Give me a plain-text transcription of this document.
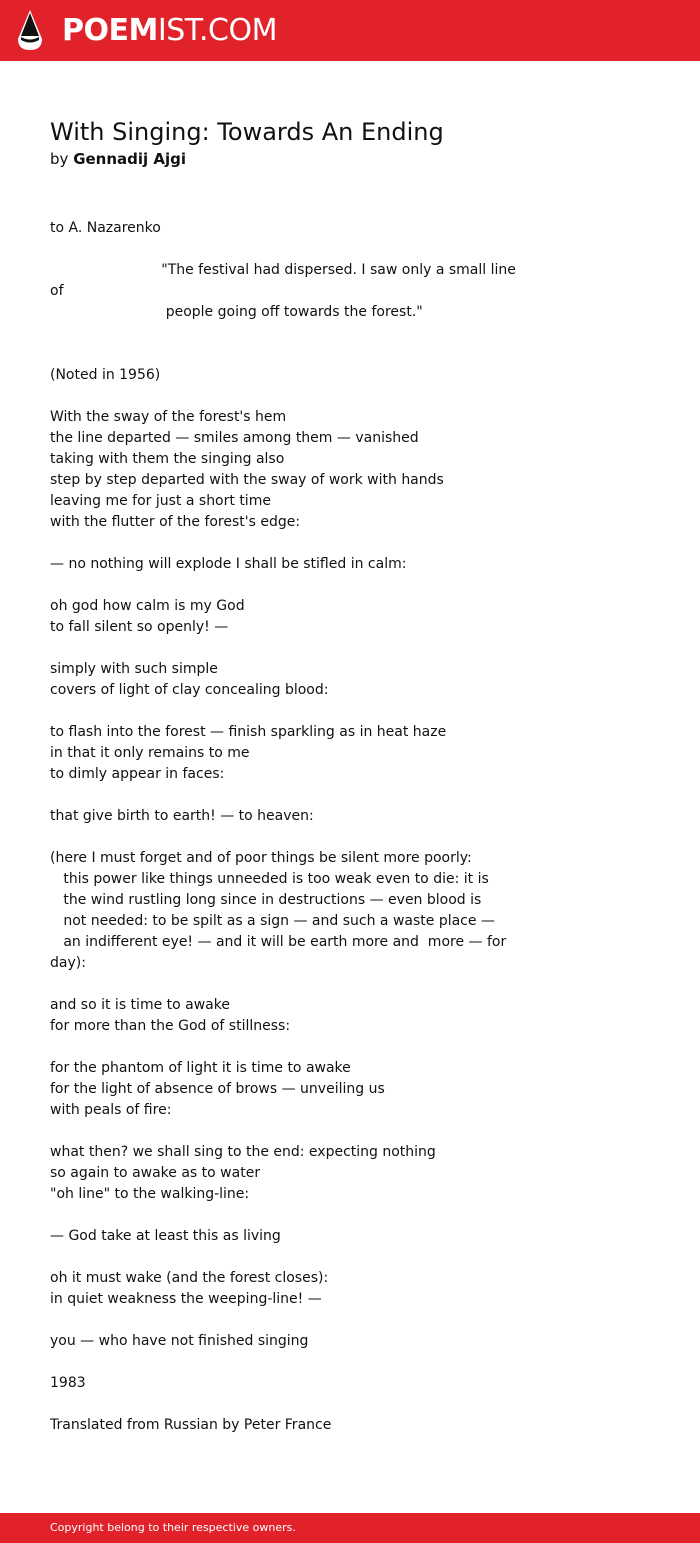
POEMIST.COM
With Singing: Towards An Ending
by Gennadij Ajgi
to A. Nazarenko

"The festival had dispersed. I saw only a small line
of
people going off towards the forest."

(Noted in 1956)

With the sway of the forest's hem
the line departed — smiles among them — vanished
taking with them the singing also
step by step departed with the sway of work with hands
leaving me for just a short time
with the flutter of the forest's edge:

— no nothing will explode I shall be stifled in calm:

oh god how calm is my God
to fall silent so openly! —

simply with such simple
covers of light of clay concealing blood:

to flash into the forest — finish sparkling as in heat haze
in that it only remains to me
to dimly appear in faces:

that give birth to earth! — to heaven:

(here I must forget and of poor things be silent more poorly:
this power like things unneeded is too weak even to die: it is
the wind rustling long since in destructions — even blood is
not needed: to be spilt as a sign — and such a waste place —
an indifferent eye! — and it will be earth more and  more — for
day):

and so it is time to awake
for more than the God of stillness:

for the phantom of light it is time to awake
for the light of absence of brows — unveiling us
with peals of fire:

what then? we shall sing to the end: expecting nothing
so again to awake as to water
"oh line" to the walking-line:

— God take at least this as living

oh it must wake (and the forest closes):
in quiet weakness the weeping-line! —

you — who have not finished singing

1983

Translated from Russian by Peter France
Copyright belong to their respective owners.
